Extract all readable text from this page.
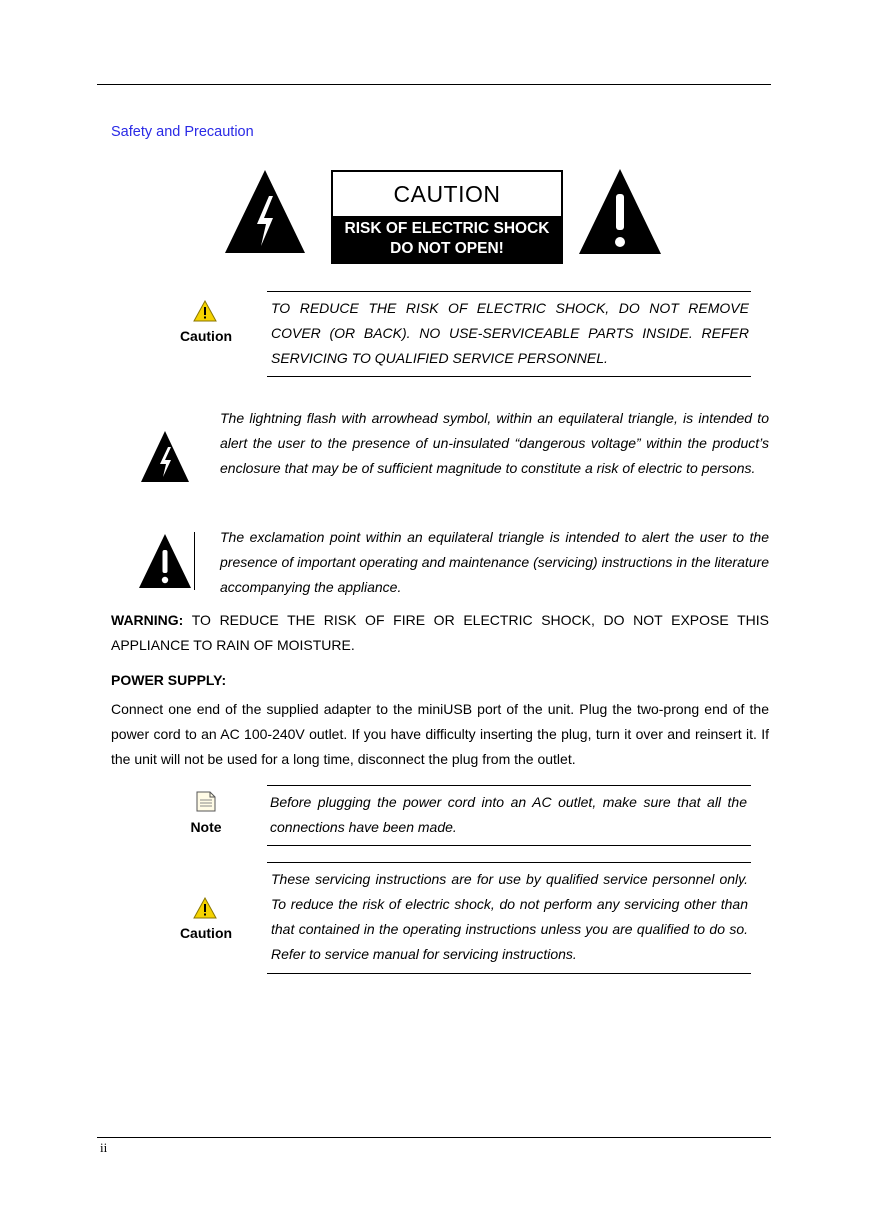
Safety and Precaution
CAUTION
RISK OF ELECTRIC SHOCK
DO NOT OPEN!
Caution
TO REDUCE THE RISK OF ELECTRIC SHOCK, DO NOT REMOVE COVER (OR BACK). NO USE-SERVICEABLE PARTS INSIDE. REFER SERVICING TO QUALIFIED SERVICE PERSONNEL.
The lightning flash with arrowhead symbol, within an equilateral triangle, is intended to alert the user to the presence of un-insulated “dangerous voltage” within the product’s enclosure that may be of sufficient magnitude to constitute a risk of electric to persons.
The exclamation point within an equilateral triangle is intended to alert the user to the presence of important operating and maintenance (servicing) instructions in the literature accompanying the appliance.
WARNING: TO REDUCE THE RISK OF FIRE OR ELECTRIC SHOCK, DO NOT EXPOSE THIS APPLIANCE TO RAIN OF MOISTURE.
POWER SUPPLY:
Connect one end of the supplied adapter to the miniUSB port of the unit. Plug the two-prong end of the power cord to an AC 100-240V outlet. If you have difficulty inserting the plug, turn it over and reinsert it. If the unit will not be used for a long time, disconnect the plug from the outlet.
Note
Before plugging the power cord into an AC outlet, make sure that all the connections have been made.
Caution
These servicing instructions are for use by qualified service personnel only. To reduce the risk of electric shock, do not perform any servicing other than that contained in the operating instructions unless you are qualified to do so. Refer to service manual for servicing instructions.
ii
